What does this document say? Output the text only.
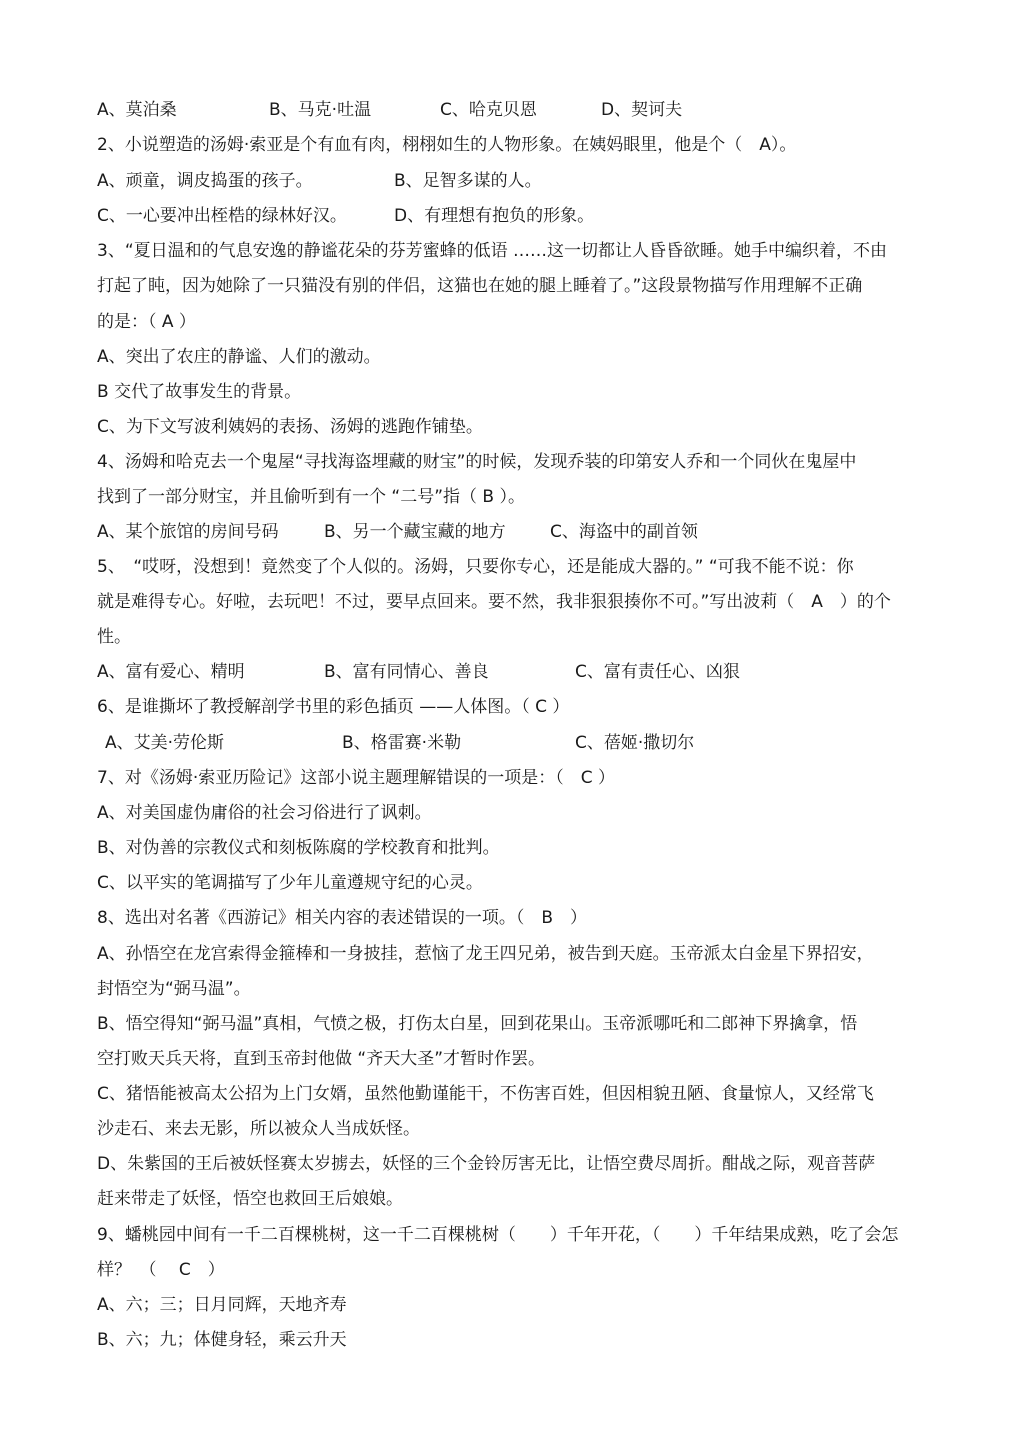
A、莫泊桑

	B、马克·吐温

	C、哈克贝恩

	D、契诃夫

2、小说塑造的汤姆·索亚是个有血有肉，栩栩如生的人物形象。在姨妈眼里，他是个（　A）。

A、顽童，调皮捣蛋的孩子。

	B、足智多谋的人。

C、一心要冲出桎梏的绿林好汉。

	D、有理想有抱负的形象。

3、“夏日温和的气息安逸的静谧花朵的芬芳蜜蜂的低语 ……这一切都让人昏昏欲睡。她手中编织着，不由
打起了盹，因为她除了一只猫没有别的伴侣，这猫也在她的腿上睡着了。”这段景物描写作用理解不正确
的是：（ A ）
A、突出了农庄的静谧、人们的激动。
B 交代了故事发生的背景。
C、为下文写波利姨妈的表扬、汤姆的逃跑作铺垫。
4、汤姆和哈克去一个鬼屋“寻找海盗埋藏的财宝”的时候，发现乔装的印第安人乔和一个同伙在鬼屋中
找到了一部分财宝，并且偷听到有一个 “二号”指（ B ）。

A、某个旅馆的房间号码

	B、另一个藏宝藏的地方

	C、海盗中的副首领

5、　“哎呀，没想到！竟然变了个人似的。汤姆，只要你专心，还是能成大器的。” “可我不能不说：你
就是难得专心。好啦，去玩吧！不过，要早点回来。要不然，我非狠狠揍你不可。”写出波莉（　A　）的个
性。

A、富有爱心、精明

	B、富有同情心、善良

	C、富有责任心、凶狠

6、是谁撕坏了教授解剖学书里的彩色插页 ——人体图。（ C ）

A、艾美·劳伦斯

	B、格雷赛·米勒

	C、蓓姬·撒切尔

7、对《汤姆·索亚历险记》这部小说主题理解错误的一项是：（　C ）
A、对美国虚伪庸俗的社会习俗进行了讽刺。
B、对伪善的宗教仪式和刻板陈腐的学校教育和批判。
C、以平实的笔调描写了少年儿童遵规守纪的心灵。
8、选出对名著《西游记》相关内容的表述错误的一项。（　B　）
A、孙悟空在龙宫索得金箍棒和一身披挂，惹恼了龙王四兄弟，被告到天庭。玉帝派太白金星下界招安，
封悟空为“弼马温”。
B、悟空得知“弼马温”真相，气愤之极，打伤太白星，回到花果山。玉帝派哪吒和二郎神下界擒拿，悟
空打败天兵天将，直到玉帝封他做 “齐天大圣”才暂时作罢。
C、猪悟能被高太公招为上门女婿，虽然他勤谨能干，不伤害百姓，但因相貌丑陋、食量惊人，又经常飞
沙走石、来去无影，所以被众人当成妖怪。
D、朱紫国的王后被妖怪赛太岁掳去，妖怪的三个金铃厉害无比，让悟空费尽周折。酣战之际，观音菩萨
赶来带走了妖怪，悟空也救回王后娘娘。
9、蟠桃园中间有一千二百棵桃树，这一千二百棵桃树（　　）千年开花，（　　）千年结果成熟，吃了会怎
样？　（　 C　）
A、六；三；日月同辉，天地齐寿
B、六；九；体健身轻，乘云升天
